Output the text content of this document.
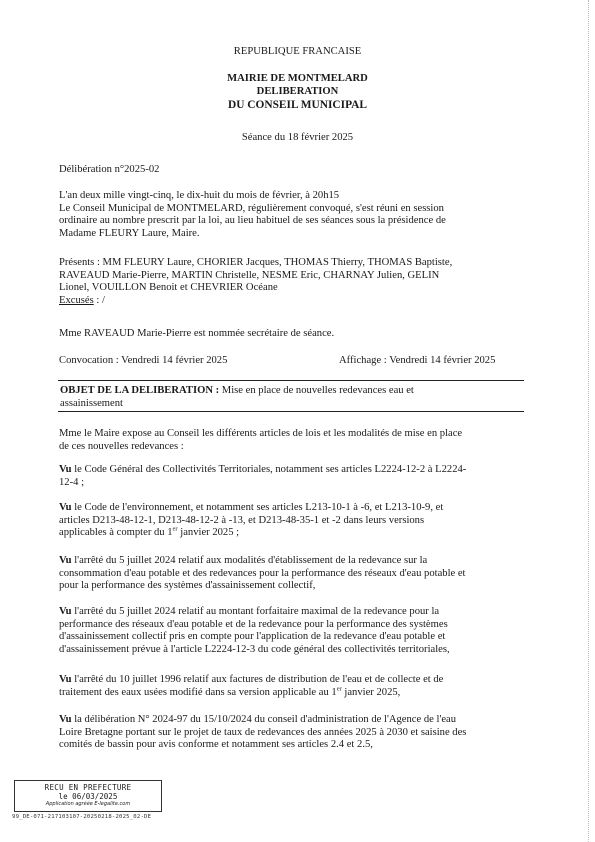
REPUBLIQUE FRANCAISE
MAIRIE DE MONTMELARD
DELIBERATION
DU CONSEIL MUNICIPAL
Séance du 18 février 2025
Délibération n°2025-02
L'an deux mille vingt-cinq, le dix-huit du mois de février, à 20h15
Le Conseil Municipal de MONTMELARD, régulièrement convoqué, s'est réuni en session
ordinaire au nombre prescrit par la loi, au lieu habituel de ses séances sous la présidence de
Madame FLEURY Laure, Maire.
Présents : MM FLEURY Laure, CHORIER Jacques, THOMAS Thierry, THOMAS Baptiste,
RAVEAUD Marie-Pierre, MARTIN Christelle, NESME Eric, CHARNAY Julien, GELIN
Lionel, VOUILLON Benoit et CHEVRIER Océane
Excusés : /
Mme RAVEAUD Marie-Pierre est nommée secrétaire de séance.
Convocation : Vendredi 14 février 2025	Affichage : Vendredi 14 février 2025
OBJET DE LA DELIBERATION : Mise en place de nouvelles redevances eau et
assainissement
Mme le Maire expose au Conseil les différents articles de lois et les modalités de mise en place
de ces nouvelles redevances :
Vu le Code Général des Collectivités Territoriales, notamment ses articles L2224-12-2 à L2224-
12-4 ;
Vu le Code de l'environnement, et notamment ses articles L213-10-1 à -6, et L213-10-9, et
articles D213-48-12-1, D213-48-12-2 à -13, et D213-48-35-1 et -2 dans leurs versions
applicables à compter du 1er janvier 2025 ;
Vu l'arrêté du 5 juillet 2024 relatif aux modalités d'établissement de la redevance sur la
consommation d'eau potable et des redevances pour la performance des réseaux d'eau potable et
pour la performance des systèmes d'assainissement collectif,
Vu l'arrêté du 5 juillet 2024 relatif au montant forfaitaire maximal de la redevance pour la
performance des réseaux d'eau potable et de la redevance pour la performance des systèmes
d'assainissement collectif pris en compte pour l'application de la redevance d'eau potable et
d'assainissement prévue à l'article L2224-12-3 du code général des collectivités territoriales,
Vu l'arrêté du 10 juillet 1996 relatif aux factures de distribution de l'eau et de collecte et de
traitement des eaux usées modifié dans sa version applicable au 1er janvier 2025,
Vu la délibération N° 2024-97 du 15/10/2024 du conseil d'administration de l'Agence de l'eau
Loire Bretagne portant sur le projet de taux de redevances des années 2025 à 2030 et saisine des
comités de bassin pour avis conforme et notamment ses articles 2.4 et 2.5,
RECU EN PREFECTURE
le 06/03/2025
Application agréée E-legalite.com
99_DE-071-217103107-20250218-2025_02-DE
